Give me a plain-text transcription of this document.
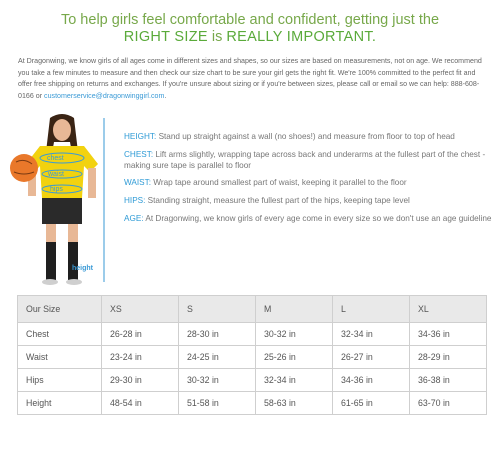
To help girls feel comfortable and confident, getting just the
RIGHT SIZE is REALLY IMPORTANT.
At Dragonwing, we know girls of all ages come in different sizes and shapes, so our sizes are based on measurements, not on age. We recommend you take a few minutes to measure and then check our size chart to be sure your girl gets the right fit. We're 100% committed to the perfect fit and offer free shipping on returns and exchanges. If you're unsure about sizing or if you're between sizes, please call or email so we can help: 888-608-0166 or customerservice@dragonwinggirl.com.
chest
waist
hips
height

HEIGHT: Stand up straight against a wall (no shoes!) and measure from floor to top of head

CHEST: Lift arms slightly, wrapping tape across back and underarms at the fullest part of the chest - making sure tape is parallel to floor

WAIST: Wrap tape around smallest part of waist, keeping it parallel to the floor

HIPS: Standing straight, measure the fullest part of the hips, keeping tape level

AGE: At Dragonwing, we know girls of every age come in every size so we don't use an age guideline

Our Size	XS	S	M	L	XL
Chest	26-28 in	28-30 in	30-32 in	32-34 in	34-36 in
Waist	23-24 in	24-25 in	25-26 in	26-27 in	28-29 in
Hips	29-30 in	30-32 in	32-34 in	34-36 in	36-38 in
Height	48-54 in	51-58 in	58-63 in	61-65 in	63-70 in
